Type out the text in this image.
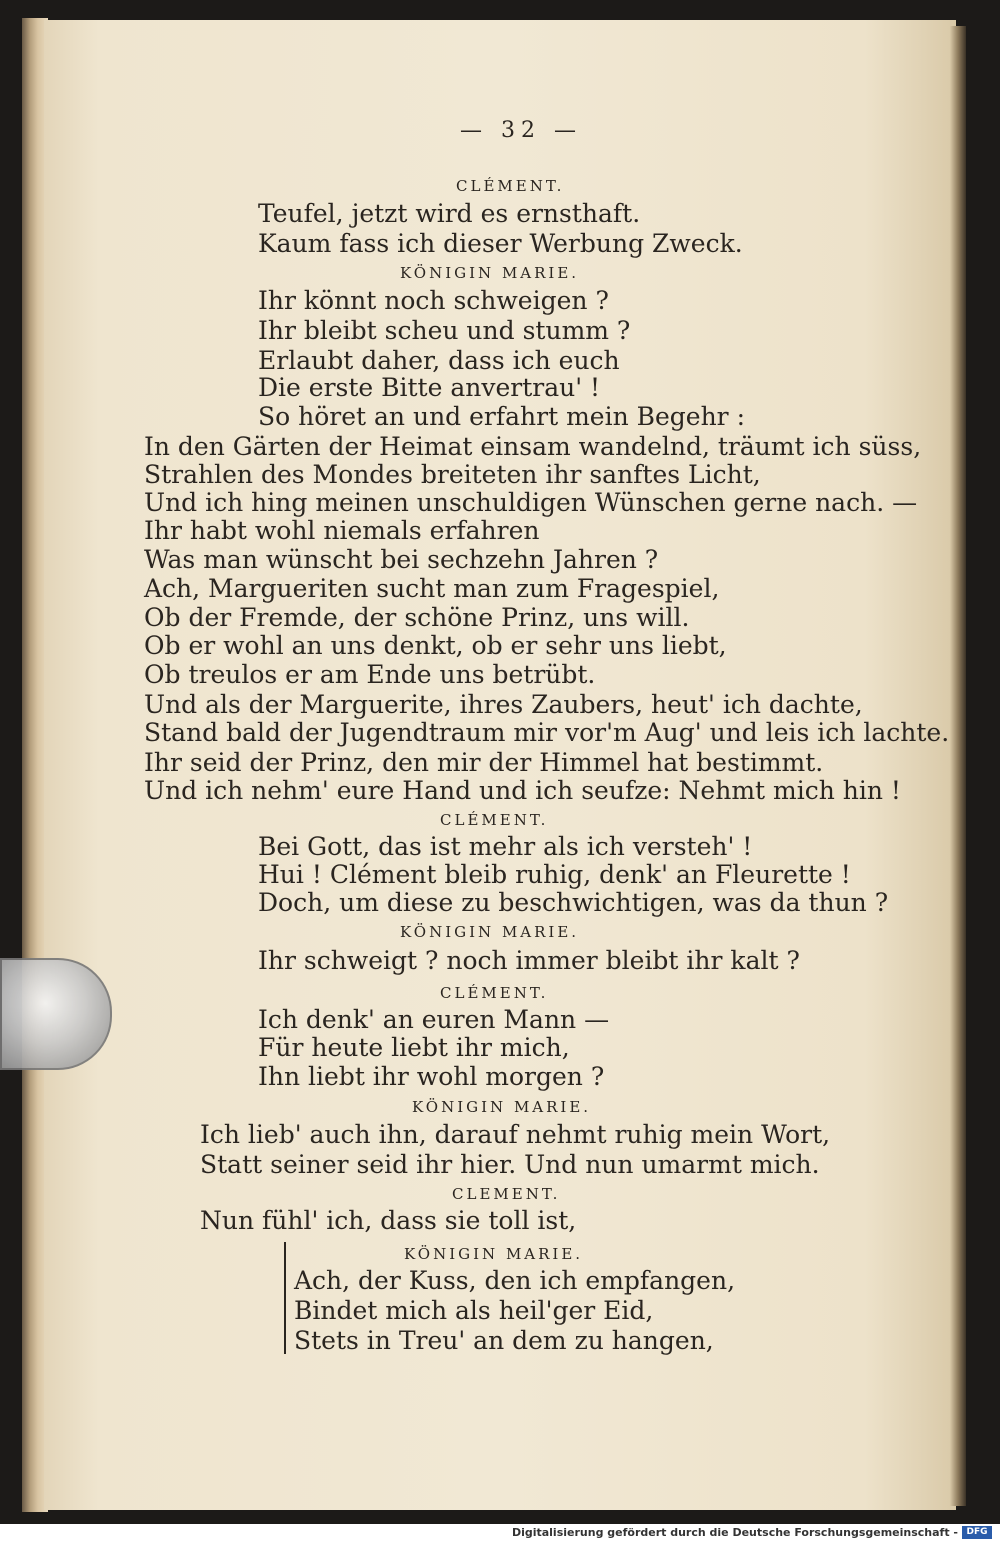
— 32 —
CLÉMENT.
Teufel, jetzt wird es ernsthaft.
Kaum fass ich dieser Werbung Zweck.
KÖNIGIN MARIE.
Ihr könnt noch schweigen ?
Ihr bleibt scheu und stumm ?
Erlaubt daher, dass ich euch
Die erste Bitte anvertrau' !
So höret an und erfahrt mein Begehr :
In den Gärten der Heimat einsam wandelnd, träumt ich süss,
Strahlen des Mondes breiteten ihr sanftes Licht,
Und ich hing meinen unschuldigen Wünschen gerne nach. —
Ihr habt wohl niemals erfahren
Was man wünscht bei sechzehn Jahren ?
Ach, Margueriten sucht man zum Fragespiel,
Ob der Fremde, der schöne Prinz, uns will.
Ob er wohl an uns denkt, ob er sehr uns liebt,
Ob treulos er am Ende uns betrübt.
Und als der Marguerite, ihres Zaubers, heut' ich dachte,
Stand bald der Jugendtraum mir vor'm Aug' und leis ich lachte.
Ihr seid der Prinz, den mir der Himmel hat bestimmt.
Und ich nehm' eure Hand und ich seufze: Nehmt mich hin !
CLÉMENT.
Bei Gott, das ist mehr als ich versteh' !
Hui ! Clément bleib ruhig, denk' an Fleurette !
Doch, um diese zu beschwichtigen, was da thun ?
KÖNIGIN MARIE.
Ihr schweigt ? noch immer bleibt ihr kalt ?
CLÉMENT.
Ich denk' an euren Mann —
Für heute liebt ihr mich,
Ihn liebt ihr wohl morgen ?
KÖNIGIN MARIE.
Ich lieb' auch ihn, darauf nehmt ruhig mein Wort,
Statt seiner seid ihr hier. Und nun umarmt mich.
CLEMENT.
Nun fühl' ich, dass sie toll ist,
KÖNIGIN MARIE.
Ach, der Kuss, den ich empfangen,
Bindet mich als heil'ger Eid,
Stets in Treu' an dem zu hangen,
Digitalisierung gefördert durch die Deutsche Forschungsgemeinschaft - DFG
